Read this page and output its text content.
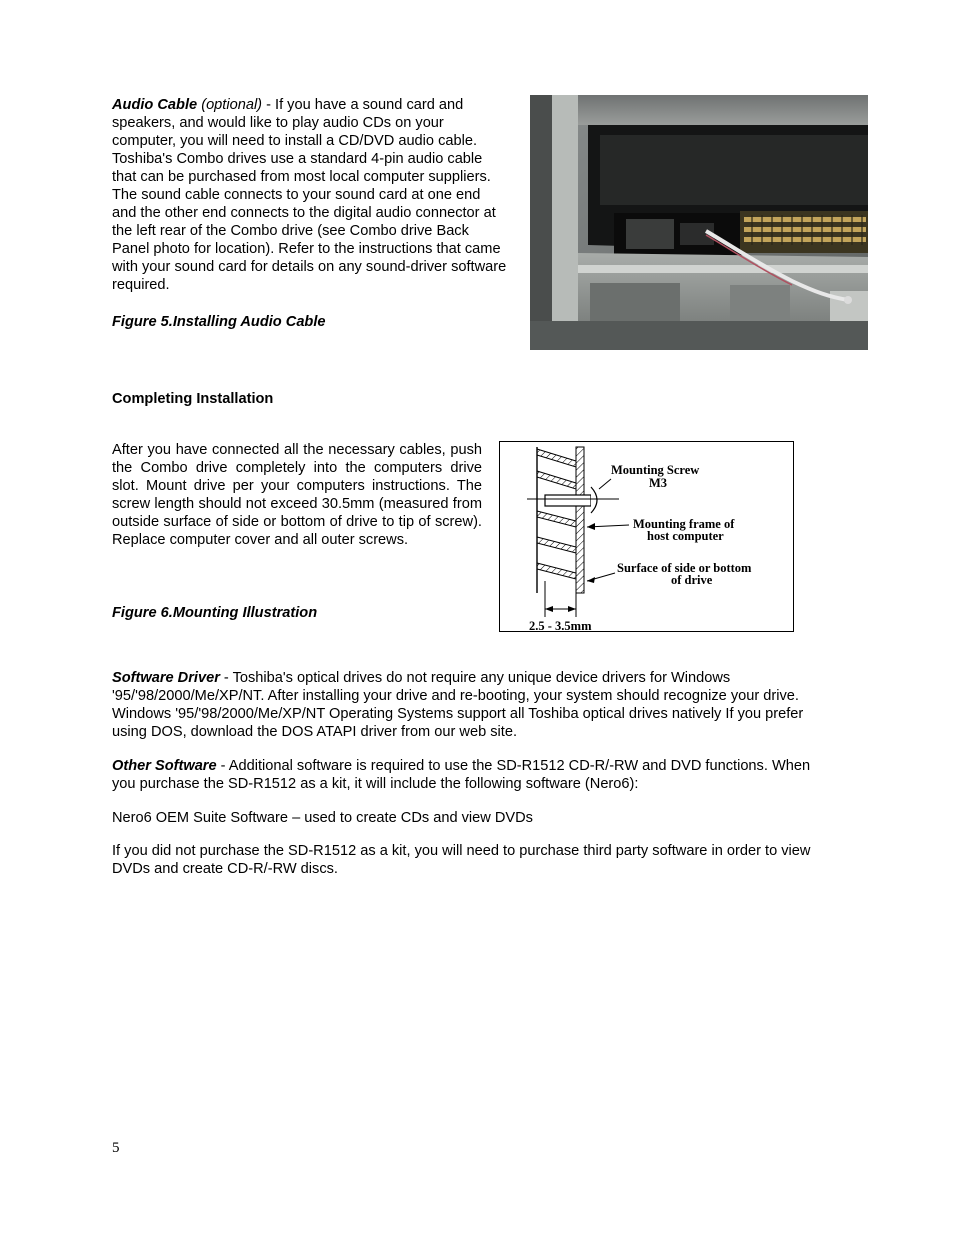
Audio Cable (optional) - If you have a sound card and speakers, and would like to play audio CDs on your computer, you will need to install a CD/DVD audio cable. Toshiba's Combo drives use a standard 4-pin audio cable that can be purchased from most local computer suppliers. The sound cable connects to your sound card at one end and the other end connects to the digital audio connector at the left rear of the Combo drive (see Combo drive Back Panel photo for location). Refer to the instructions that came with your sound card for details on any sound-driver software required.

Figure 5.Installing Audio Cable

Completing Installation

After you have connected all the necessary cables, push the Combo drive completely into the computers drive slot. Mount drive per your computers instructions. The screw length should not exceed 30.5mm (measured from outside surface of side or bottom of drive to tip of screw). Replace computer cover and all outer screws.

Figure 6.Mounting Illustration

Mounting Screw
M3
Mounting frame of
host computer
Surface of side or bottom
of drive
2.5 - 3.5mm

Software Driver - Toshiba's optical drives do not require any unique device drivers for Windows '95/'98/2000/Me/XP/NT. After installing your drive and re-booting, your system should recognize your drive. Windows '95/'98/2000/Me/XP/NT Operating Systems support all Toshiba optical drives natively If you prefer using DOS, download the DOS ATAPI driver from our web site.

Other Software - Additional software is required to use the SD-R1512 CD-R/-RW and DVD functions. When you purchase the SD-R1512 as a kit, it will include the following software (Nero6):

Nero6 OEM Suite Software – used to create CDs and view DVDs

If you did not purchase the SD-R1512 as a kit, you will need to purchase third party software in order to view DVDs and create CD-R/-RW discs.

5
